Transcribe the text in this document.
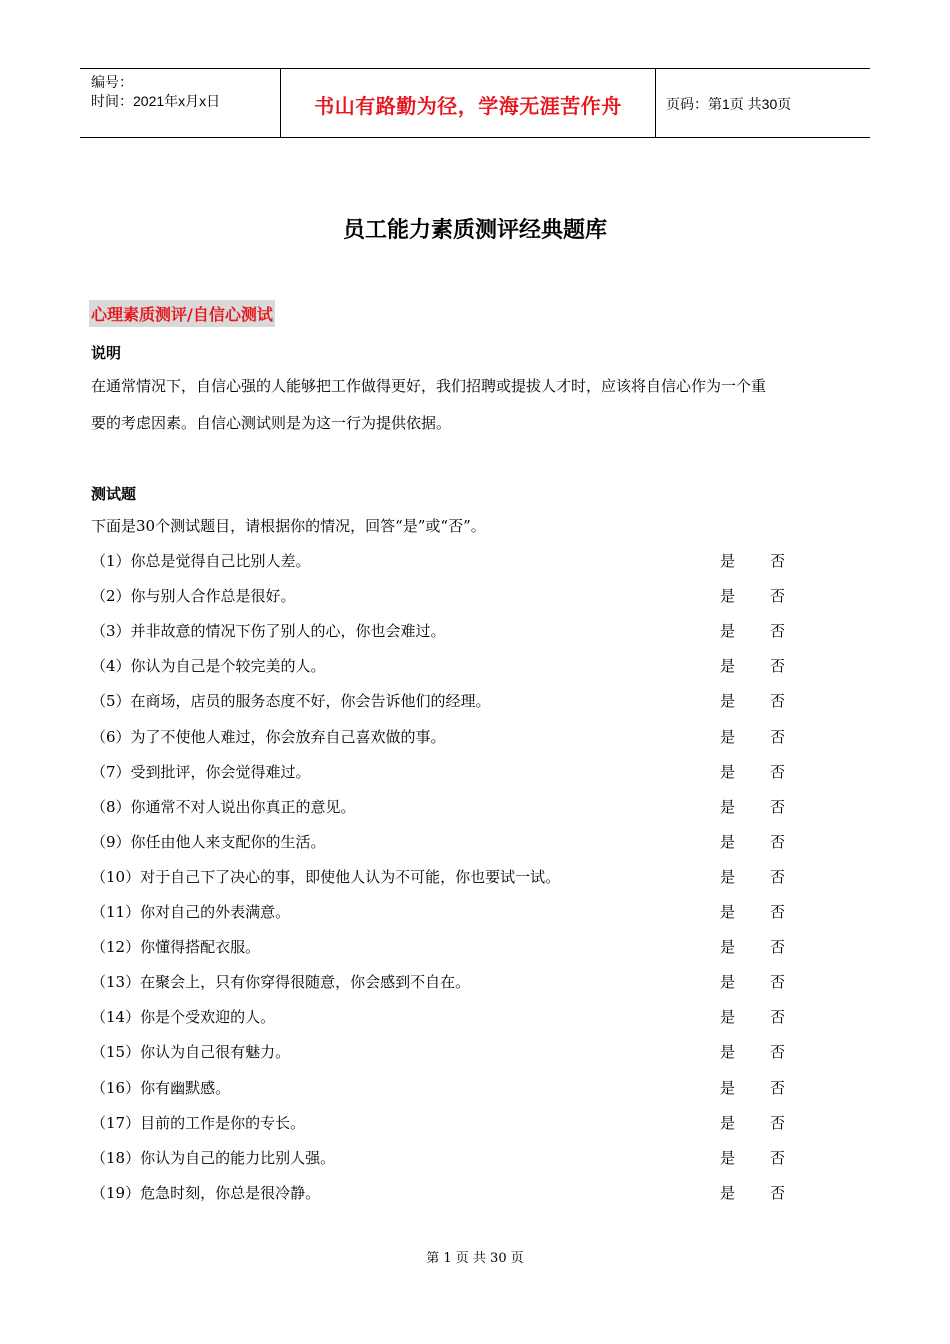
编号：
时间：2021年x月x日	书山有路勤为径，学海无涯苦作舟	页码：第1页 共30页
员工能力素质测评经典题库
心理素质测评/自信心测试
说明
在通常情况下，自信心强的人能够把工作做得更好，我们招聘或提拔人才时，应该将自信心作为一个重
要的考虑因素。自信心测试则是为这一行为提供依据。
测试题
下面是30个测试题目，请根据你的情况，回答“是”或“否”。
（1）你总是觉得自己比别人差。	是 否
（2）你与别人合作总是很好。	是 否
（3）并非故意的情况下伤了别人的心，你也会难过。	是 否
（4）你认为自己是个较完美的人。	是 否
（5）在商场，店员的服务态度不好，你会告诉他们的经理。	是 否
（6）为了不使他人难过，你会放弃自己喜欢做的事。	是 否
（7）受到批评，你会觉得难过。	是 否
（8）你通常不对人说出你真正的意见。	是 否
（9）你任由他人来支配你的生活。	是 否
（10）对于自己下了决心的事，即使他人认为不可能，你也要试一试。	是 否
（11）你对自己的外表满意。	是 否
（12）你懂得搭配衣服。	是 否
（13）在聚会上，只有你穿得很随意，你会感到不自在。	是 否
（14）你是个受欢迎的人。	是 否
（15）你认为自己很有魅力。	是 否
（16）你有幽默感。	是 否
（17）目前的工作是你的专长。	是 否
（18）你认为自己的能力比别人强。	是 否
（19）危急时刻，你总是很冷静。	是 否
第 1 页 共 30 页
